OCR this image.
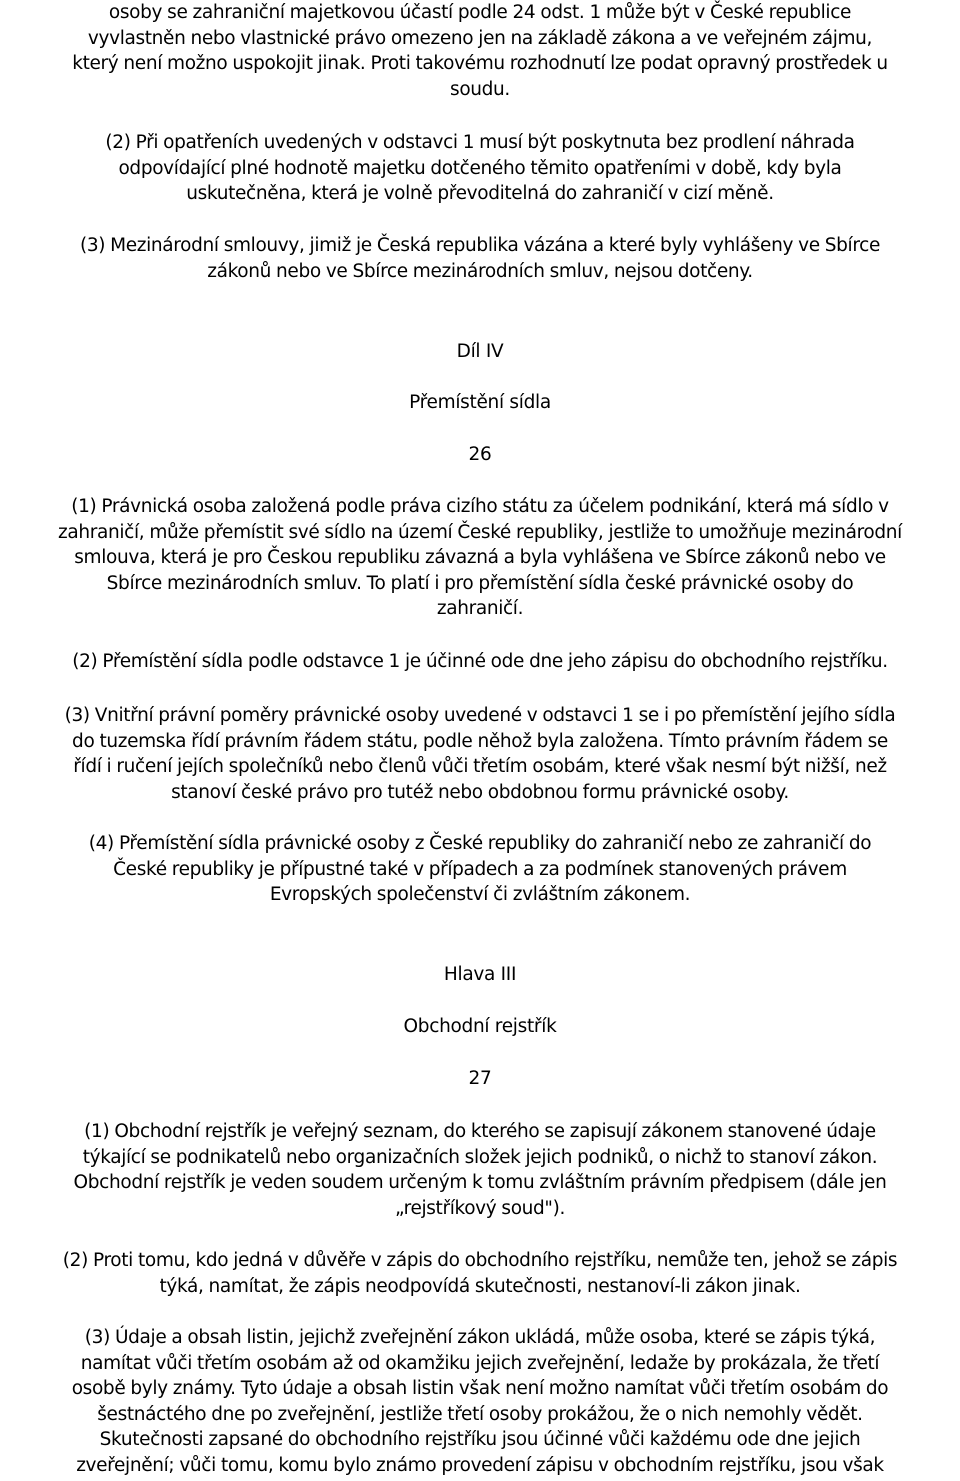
osoby se zahraniční majetkovou účastí podle 24 odst. 1 může být v České republice
vyvlastněn nebo vlastnické právo omezeno jen na základě zákona a ve veřejném zájmu,
který není možno uspokojit jinak. Proti takovému rozhodnutí lze podat opravný prostředek u
soudu.
(2) Při opatřeních uvedených v odstavci 1 musí být poskytnuta bez prodlení náhrada
odpovídající plné hodnotě majetku dotčeného těmito opatřeními v době, kdy byla
uskutečněna, která je volně převoditelná do zahraničí v cizí měně.
(3) Mezinárodní smlouvy, jimiž je Česká republika vázána a které byly vyhlášeny ve Sbírce
zákonů nebo ve Sbírce mezinárodních smluv, nejsou dotčeny.
Díl IV
Přemístění sídla
26
(1) Právnická osoba založená podle práva cizího státu za účelem podnikání, která má sídlo v
zahraničí, může přemístit své sídlo na území České republiky, jestliže to umožňuje mezinárodní
smlouva, která je pro Českou republiku závazná a byla vyhlášena ve Sbírce zákonů nebo ve
Sbírce mezinárodních smluv. To platí i pro přemístění sídla české právnické osoby do
zahraničí.
(2) Přemístění sídla podle odstavce 1 je účinné ode dne jeho zápisu do obchodního rejstříku.
(3) Vnitřní právní poměry právnické osoby uvedené v odstavci 1 se i po přemístění jejího sídla
do tuzemska řídí právním řádem státu, podle něhož byla založena. Tímto právním řádem se
řídí i ručení jejích společníků nebo členů vůči třetím osobám, které však nesmí být nižší, než
stanoví české právo pro tutéž nebo obdobnou formu právnické osoby.
(4) Přemístění sídla právnické osoby z České republiky do zahraničí nebo ze zahraničí do
České republiky je přípustné také v případech a za podmínek stanovených právem
Evropských společenství či zvláštním zákonem.
Hlava III
Obchodní rejstřík
27
(1) Obchodní rejstřík je veřejný seznam, do kterého se zapisují zákonem stanovené údaje
týkající se podnikatelů nebo organizačních složek jejich podniků, o nichž to stanoví zákon.
Obchodní rejstřík je veden soudem určeným k tomu zvláštním právním předpisem (dále jen
„rejstříkový soud").
(2) Proti tomu, kdo jedná v důvěře v zápis do obchodního rejstříku, nemůže ten, jehož se zápis
týká, namítat, že zápis neodpovídá skutečnosti, nestanoví-li zákon jinak.
(3) Údaje a obsah listin, jejichž zveřejnění zákon ukládá, může osoba, které se zápis týká,
namítat vůči třetím osobám až od okamžiku jejich zveřejnění, ledaže by prokázala, že třetí
osobě byly známy. Tyto údaje a obsah listin však není možno namítat vůči třetím osobám do
šestnáctého dne po zveřejnění, jestliže třetí osoby prokážou, že o nich nemohly vědět.
Skutečnosti zapsané do obchodního rejstříku jsou účinné vůči každému ode dne jejich
zveřejnění; vůči tomu, komu bylo známo provedení zápisu v obchodním rejstříku, jsou však
